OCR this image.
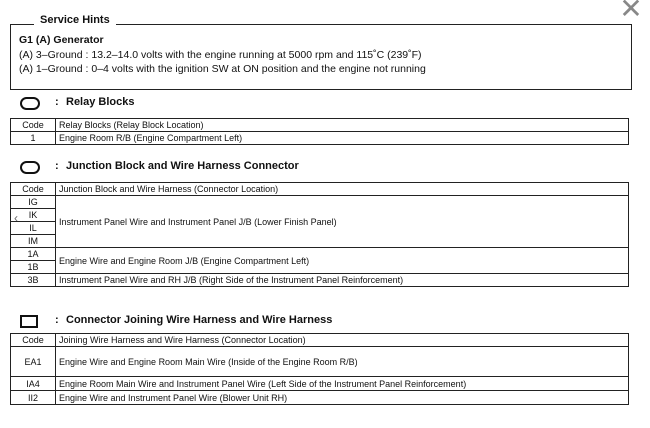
G1 (A) Generator
(A) 3–Ground : 13.2–14.0 volts with the engine running at 5000 rpm and 115˚C (239˚F)
(A) 1–Ground : 0–4 volts with the ignition SW at ON position and the engine not running
Service Hints	✕
: Relay Blocks
Code	Relay Blocks (Relay Block Location)
1	Engine Room R/B (Engine Compartment Left)
: Junction Block and Wire Harness Connector
Code	Junction Block and Wire Harness (Connector Location)
IG	Instrument Panel Wire and Instrument Panel J/B (Lower Finish Panel)
IK	
IL	
IM	
1A	Engine Wire and Engine Room J/B (Engine Compartment Left)
1B	
3B	Instrument Panel Wire and RH J/B (Right Side of the Instrument Panel Reinforcement)
‹
: Connector Joining Wire Harness and Wire Harness
Code	Joining Wire Harness and Wire Harness (Connector Location)
EA1	Engine Wire and Engine Room Main Wire (Inside of the Engine Room R/B)
IA4	Engine Room Main Wire and Instrument Panel Wire (Left Side of the Instrument Panel Reinforcement)
II2	Engine Wire and Instrument Panel Wire (Blower Unit RH)
